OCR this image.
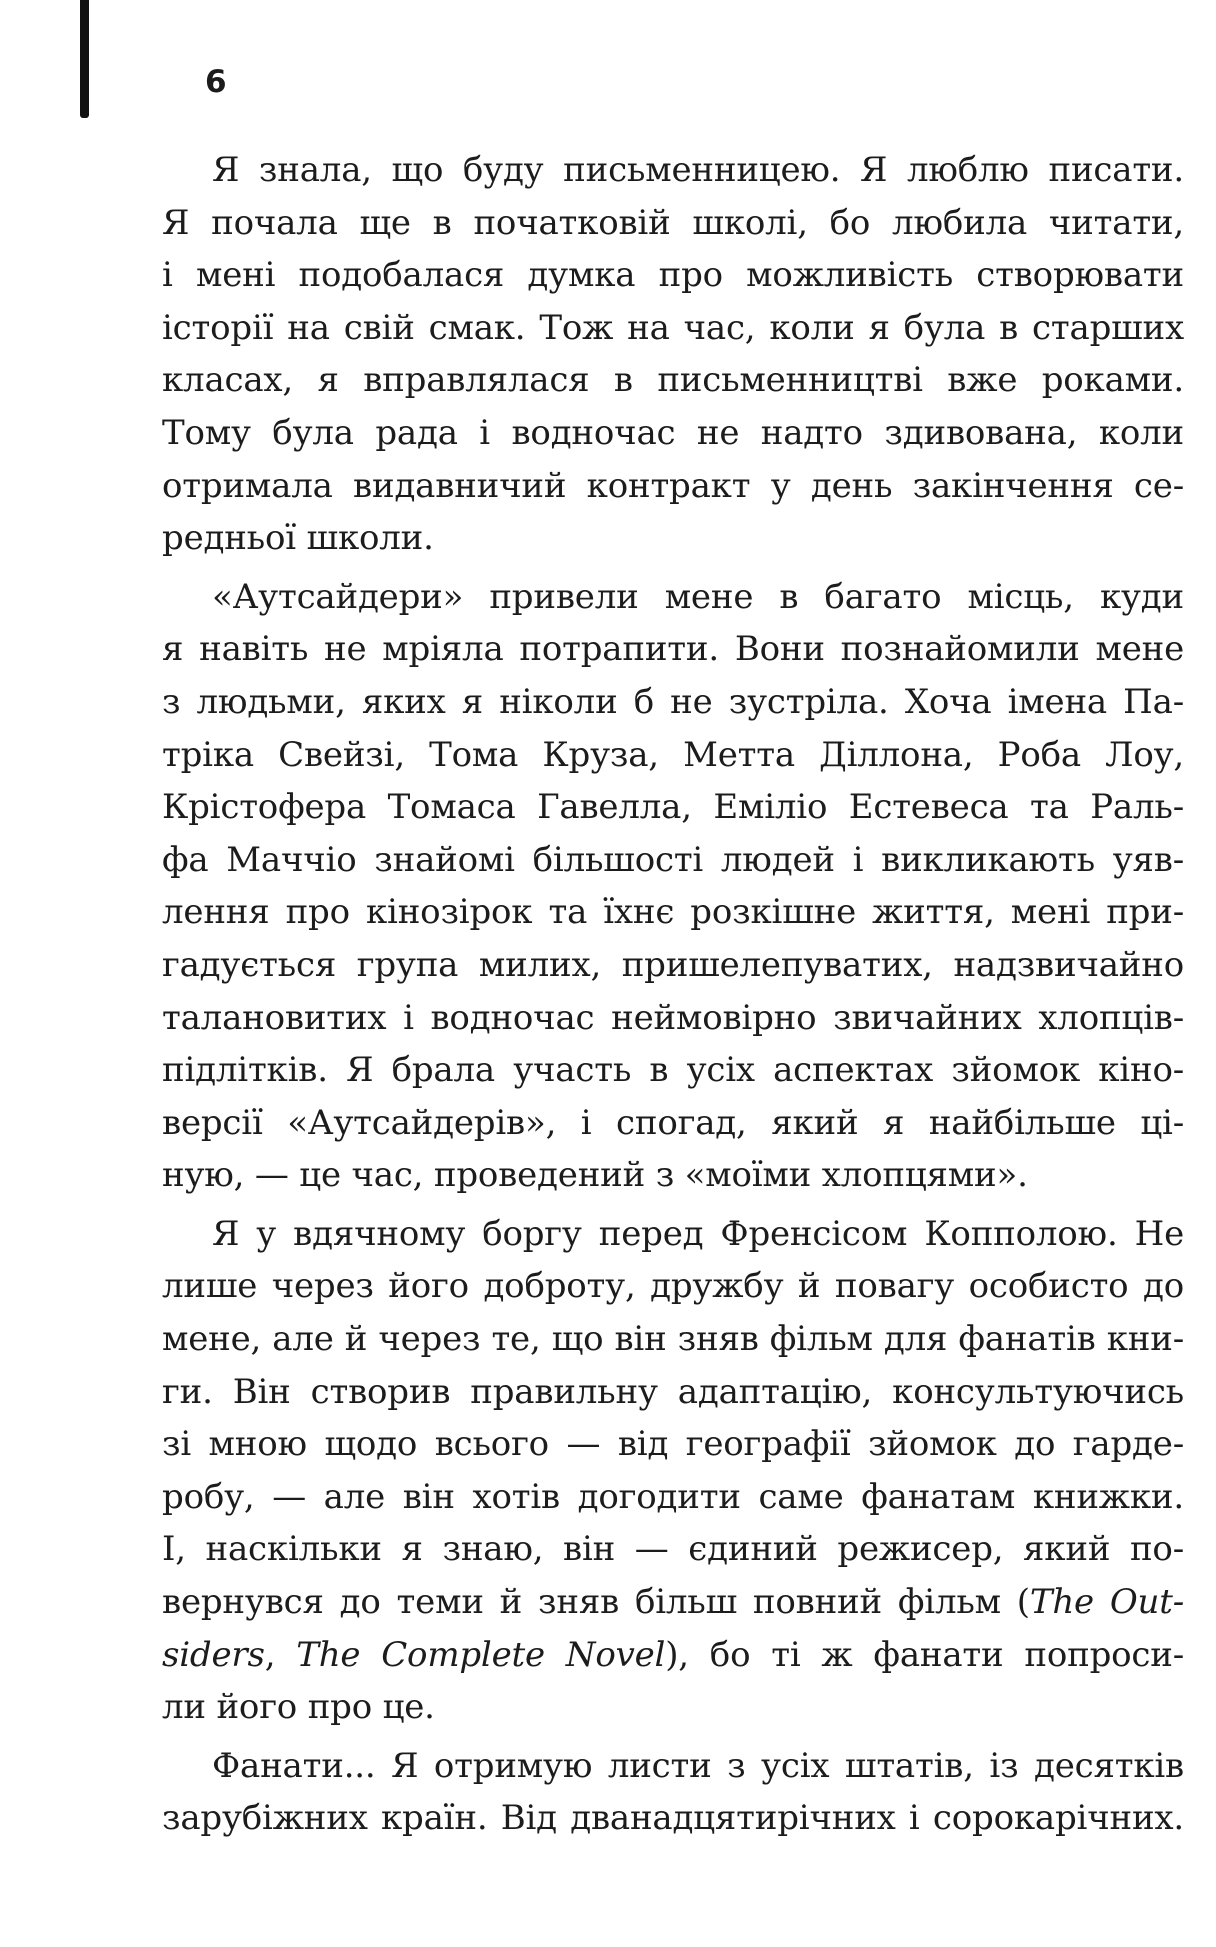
6

Я знала, що буду письменницею. Я люблю писати.
Я почала ще в початковій школі, бо любила читати,
і мені подобалася думка про можливість створювати
історії на свій смак. Тож на час, коли я була в старших
класах, я вправлялася в письменництві вже роками.
Тому була рада і водночас не надто здивована, коли
отримала видавничий контракт у день закінчення се-
редньої школи.

«Аутсайдери» привели мене в багато місць, куди
я навіть не мріяла потрапити. Вони познайомили мене
з людьми, яких я ніколи б не зустріла. Хоча імена Па-
тріка Свейзі, Тома Круза, Метта Діллона, Роба Лоу,
Крістофера Томаса Гавелла, Еміліо Естевеса та Раль-
фа Маччіо знайомі більшості людей і викликають уяв-
лення про кінозірок та їхнє розкішне життя, мені при-
гадується група милих, пришелепуватих, надзвичайно
талановитих і водночас неймовірно звичайних хлопців-
підлітків. Я брала участь в усіх аспектах зйомок кіно-
версії «Аутсайдерів», і спогад, який я найбільше ці-
ную, — це час, проведений з «моїми хлопцями».

Я у вдячному боргу перед Френсісом Копполою. Не
лише через його доброту, дружбу й повагу особисто до
мене, але й через те, що він зняв фільм для фанатів кни-
ги. Він створив правильну адаптацію, консультуючись
зі мною щодо всього — від географії зйомок до гарде-
робу, — але він хотів догодити саме фанатам книжки.
І, наскільки я знаю, він — єдиний режисер, який по-
вернувся до теми й зняв більш повний фільм (The Out-
siders, The Complete Novel), бо ті ж фанати попроси-
ли його про це.

Фанати... Я отримую листи з усіх штатів, із десятків
зарубіжних країн. Від дванадцятирічних і сорокарічних.
